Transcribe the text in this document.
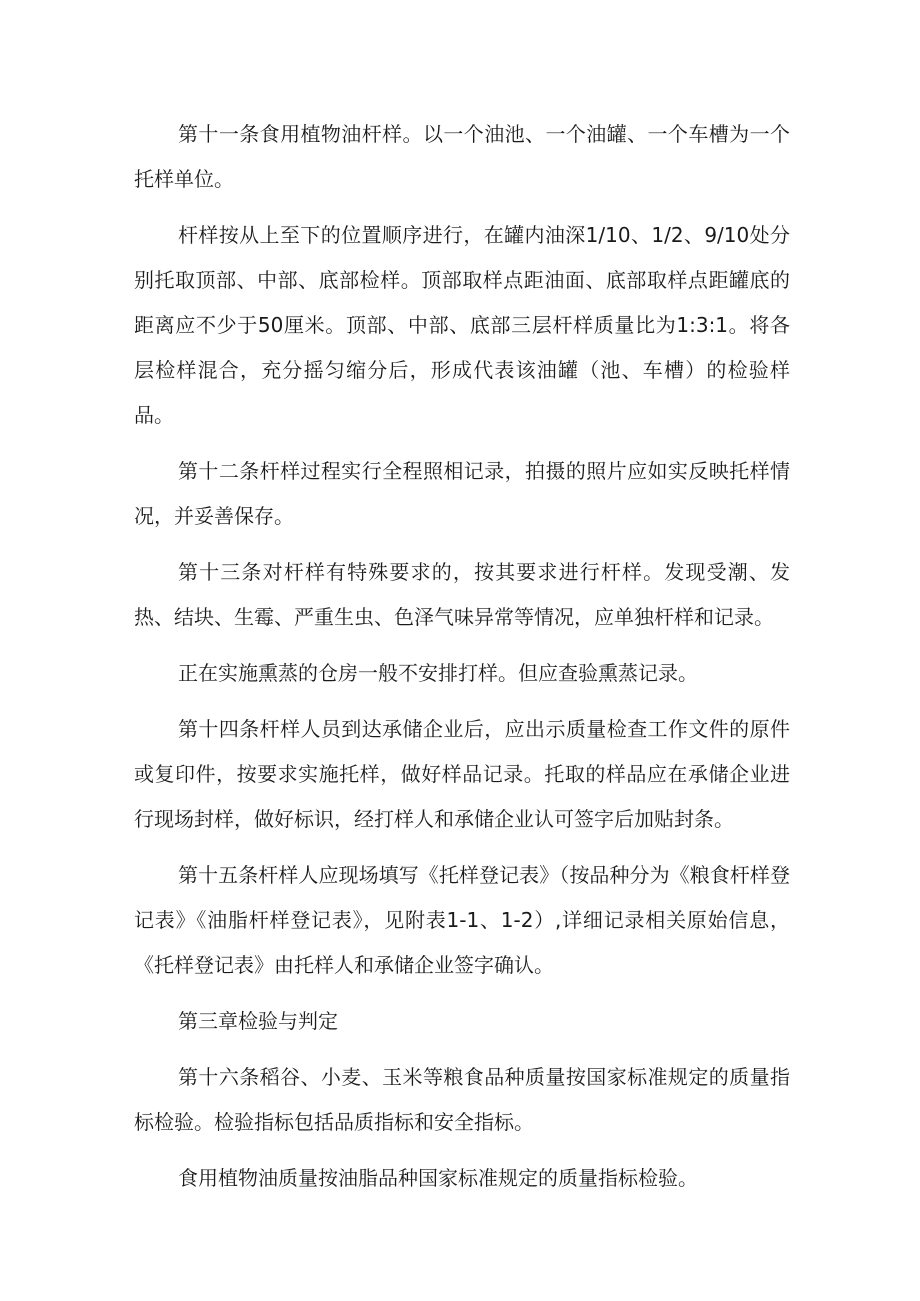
第十一条食用植物油杆样。以一个油池、一个油罐、一个车槽为一个托样单位。

杆样按从上至下的位置顺序进行，在罐内油深1/10、1/2、9/10处分别托取顶部、中部、底部检样。顶部取样点距油面、底部取样点距罐底的距离应不少于50厘米。顶部、中部、底部三层杆样质量比为1:3:1。将各层检样混合，充分摇匀缩分后，形成代表该油罐（池、车槽）的检验样品。

第十二条杆样过程实行全程照相记录，拍摄的照片应如实反映托样情况，并妥善保存。

第十三条对杆样有特殊要求的，按其要求进行杆样。发现受潮、发热、结块、生霉、严重生虫、色泽气味异常等情况，应单独杆样和记录。

正在实施熏蒸的仓房一般不安排打样。但应查验熏蒸记录。

第十四条杆样人员到达承储企业后，应出示质量检查工作文件的原件或复印件，按要求实施托样，做好样品记录。托取的样品应在承储企业进行现场封样，做好标识，经打样人和承储企业认可签字后加贴封条。

第十五条杆样人应现场填写《托样登记表》（按品种分为《粮食杆样登记表》《油脂杆样登记表》，见附表1-1、1-2）,详细记录相关原始信息，《托样登记表》由托样人和承储企业签字确认。

第三章检验与判定

第十六条稻谷、小麦、玉米等粮食品种质量按国家标准规定的质量指标检验。检验指标包括品质指标和安全指标。

食用植物油质量按油脂品种国家标准规定的质量指标检验。
